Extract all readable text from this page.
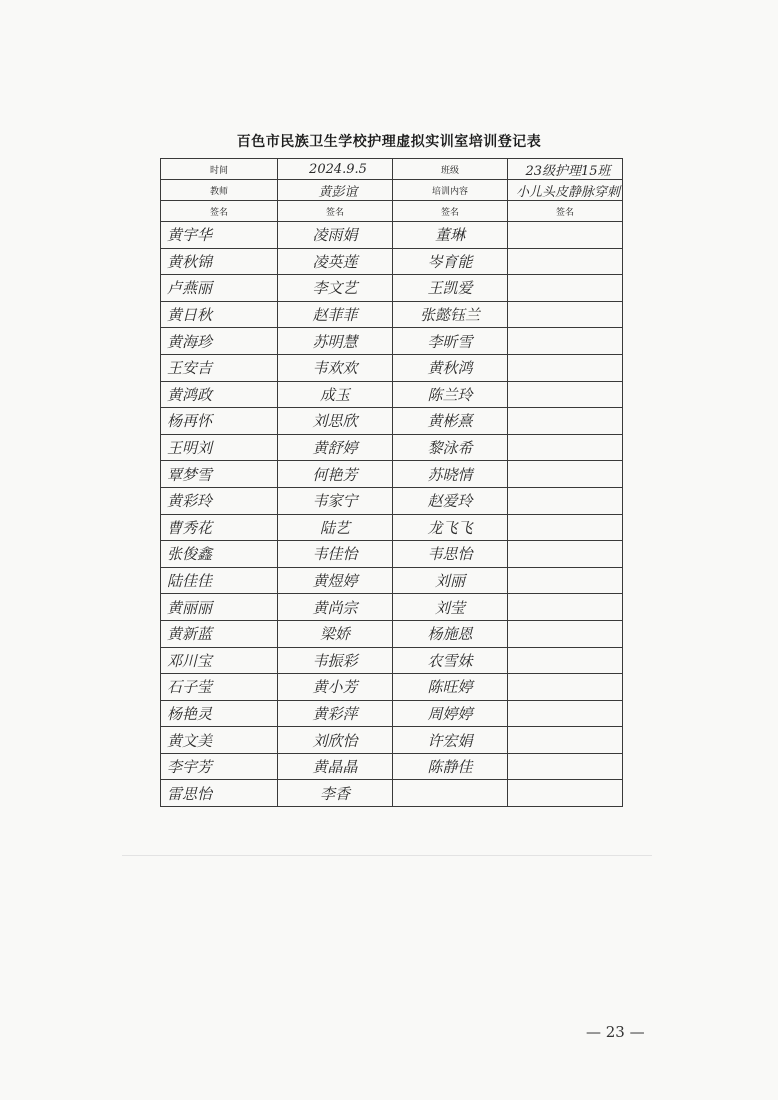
百色市民族卫生学校护理虚拟实训室培训登记表
时间	2024.9.5	班级	23级护理15班
教师	黄彭谊	培训内容	小儿头皮静脉穿刺
签名	签名	签名	签名
黄宇华	凌雨娟	董琳	
黄秋锦	凌英莲	岑育能	
卢燕丽	李文艺	王凯爱	
黄日秋	赵菲菲	张懿钰兰	
黄海珍	苏明慧	李昕雪	
王安吉	韦欢欢	黄秋鸿	
黄鸿政	成玉	陈兰玲	
杨再怀	刘思欣	黄彬熹	
王明刘	黄舒婷	黎泳希	
覃梦雪	何艳芳	苏晓情	
黄彩玲	韦家宁	赵爱玲	
曹秀花	陆艺	龙飞飞	
张俊鑫	韦佳怡	韦思怡	
陆佳佳	黄煜婷	刘丽	
黄丽丽	黄尚宗	刘莹	
黄新蓝	梁娇	杨施恩	
邓川宝	韦振彩	农雪妹	
石子莹	黄小芳	陈旺婷	
杨艳灵	黄彩萍	周婷婷	
黄文美	刘欣怡	许宏娟	
李宇芳	黄晶晶	陈静佳	
雷思怡	李香		
— 23 —
